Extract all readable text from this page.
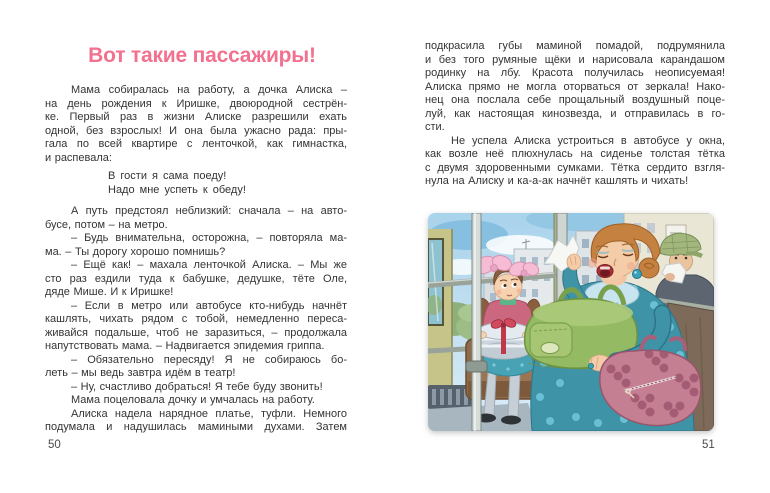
Вот такие пассажиры!
Мама собиралась на работу, а дочка Алиска –
на день рождения к Иришке, двоюродной сестрён-
ке. Первый раз в жизни Алиске разрешили ехать
одной, без взрослых! И она была ужасно рада: пры-
гала по всей квартире с ленточкой, как гимнастка,
и распевала:
В гости я сама поеду!
Надо мне успеть к обеду!
А путь предстоял неблизкий: сначала – на авто-
бусе, потом – на метро.
– Будь внимательна, осторожна, – повторяла ма-
ма. – Ты дорогу хорошо помнишь?
– Ещё как! – махала ленточкой Алиска. – Мы же
сто раз ездили туда к бабушке, дедушке, тёте Оле,
дяде Мише. И к Иришке!
– Если в метро или автобусе кто-нибудь начнёт
кашлять, чихать рядом с тобой, немедленно переса-
живайся подальше, чтоб не заразиться, – продолжала
напутствовать мама. – Надвигается эпидемия гриппа.
– Обязательно пересяду! Я не собираюсь бо-
леть – мы ведь завтра идём в театр!
– Ну, счастливо добраться! Я тебе буду звонить!
Мама поцеловала дочку и умчалась на работу.
Алиска надела нарядное платье, туфли. Немного
подумала и надушилась мамиными духами. Затем
подкрасила губы маминой помадой, подрумянила
и без того румяные щёки и нарисовала карандашом
родинку на лбу. Красота получилась неописуемая!
Алиска прямо не могла оторваться от зеркала! Нако-
нец она послала себе прощальный воздушный поце-
луй, как настоящая кинозвезда, и отправилась в го-
сти.
Не успела Алиска устроиться в автобусе у окна,
как возле неё плюхнулась на сиденье толстая тётка
с двумя здоровенными сумками. Тётка сердито взгля-
нула на Алиску и ка-а-ак начнёт кашлять и чихать!
50	51
